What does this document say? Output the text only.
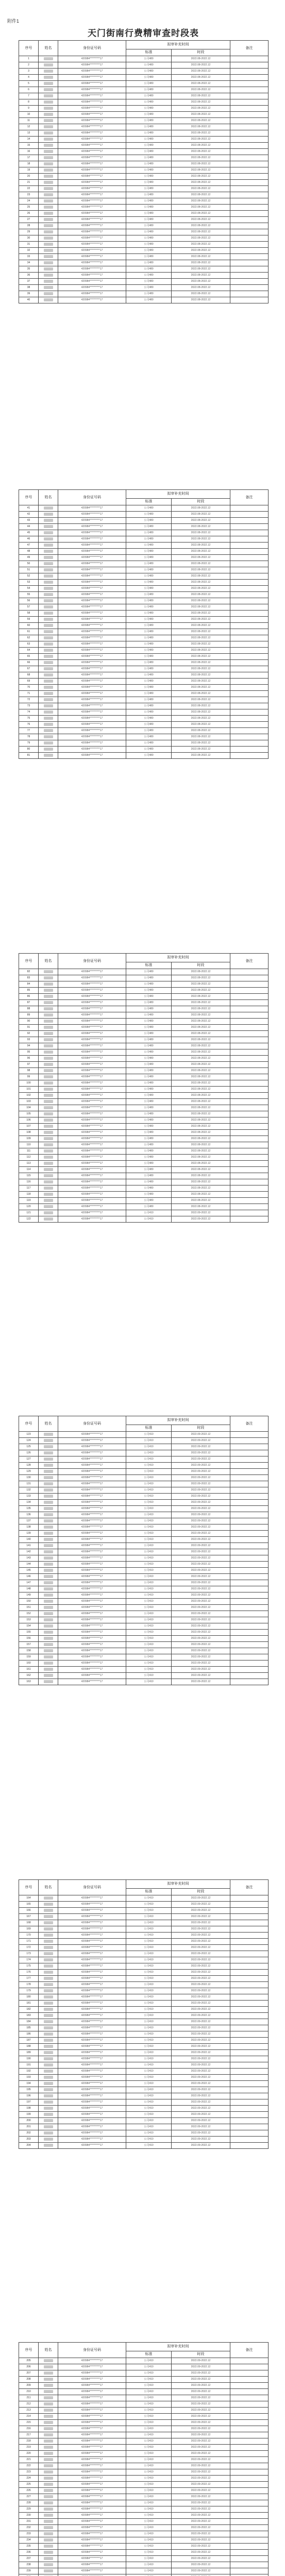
附件1
天门街南行费精审查时段表
序号	姓名	身份证号码	拟审补充时间		备注
			标准	时段	
1		420984**********17	公司480	2022.08-2022.12	
2		420984**********17	公司480	2022.08-2022.12	
3		420984**********17	公司480	2022.08-2022.12	
4		420984**********17	公司480	2022.08-2022.12	
5		420984**********17	公司480	2022.08-2022.12	
6		420984**********17	公司480	2022.08-2022.12	
7		420984**********17	公司480	2022.08-2022.12	
8		420984**********17	公司480	2022.08-2022.12	
9		420984**********17	公司480	2022.08-2022.12	
10		420984**********17	公司480	2022.08-2022.12	
11		420984**********17	公司480	2022.08-2022.12	
12		420984**********17	公司480	2022.08-2022.12	
13		420984**********17	公司480	2022.08-2022.12	
14		420984**********17	公司480	2022.08-2022.12	
15		420984**********17	公司480	2022.08-2022.12	
16		420984**********17	公司480	2022.08-2022.12	
17		420984**********17	公司480	2022.08-2022.12	
18		420984**********17	公司480	2022.08-2022.12	
19		420984**********17	公司480	2022.08-2022.12	
20		420984**********17	公司480	2022.08-2022.12	
21		420984**********17	公司480	2022.08-2022.12	
22		420984**********17	公司480	2022.08-2022.12	
23		420984**********17	公司480	2022.08-2022.12	
24		420984**********17	公司480	2022.08-2022.12	
25		420984**********17	公司480	2022.08-2022.12	
26		420984**********17	公司480	2022.08-2022.12	
27		420984**********17	公司480	2022.08-2022.12	
28		420984**********17	公司480	2022.08-2022.12	
29		420984**********17	公司480	2022.08-2022.12	
30		420984**********17	公司480	2022.08-2022.12	
31		420984**********17	公司480	2022.08-2022.12	
32		420984**********17	公司480	2022.08-2022.12	
33		420984**********17	公司480	2022.08-2022.12	
34		420984**********17	公司480	2022.08-2022.12	
35		420984**********17	公司480	2022.08-2022.12	
36		420984**********17	公司480	2022.08-2022.12	
37		420984**********17	公司480	2022.08-2022.12	
38		420984**********17	公司480	2022.08-2022.12	
39		420984**********17	公司480	2022.08-2022.12	
40		420984**********17	公司480	2022.08-2022.12	
序号	姓名	身份证号码	拟审补充时间		备注
			标准	时段	
41		420984**********17	公司480	2022.08-2022.12	
42		420984**********17	公司480	2022.08-2022.12	
43		420984**********17	公司480	2022.08-2022.12	
44		420984**********17	公司480	2022.08-2022.12	
45		420984**********17	公司480	2022.08-2022.12	
46		420984**********17	公司480	2022.08-2022.12	
47		420984**********17	公司480	2022.08-2022.12	
48		420984**********17	公司480	2022.08-2022.12	
49		420984**********17	公司480	2022.08-2022.12	
50		420984**********17	公司480	2022.08-2022.12	
51		420984**********17	公司480	2022.08-2022.12	
52		420984**********17	公司480	2022.08-2022.12	
53		420984**********17	公司480	2022.08-2022.12	
54		420984**********17	公司480	2022.08-2022.12	
55		420984**********17	公司480	2022.08-2022.12	
56		420984**********17	公司480	2022.08-2022.12	
57		420984**********17	公司480	2022.08-2022.12	
58		420984**********17	公司480	2022.08-2022.12	
59		420984**********17	公司480	2022.08-2022.12	
60		420984**********17	公司480	2022.08-2022.12	
61		420984**********17	公司480	2022.08-2022.12	
62		420984**********17	公司480	2022.08-2022.12	
63		420984**********17	公司480	2022.08-2022.12	
64		420984**********17	公司480	2022.08-2022.12	
65		420984**********17	公司480	2022.08-2022.12	
66		420984**********17	公司480	2022.08-2022.12	
67		420984**********17	公司480	2022.08-2022.12	
68		420984**********17	公司480	2022.08-2022.12	
69		420984**********17	公司480	2022.08-2022.12	
70		420984**********17	公司480	2022.08-2022.12	
71		420984**********17	公司480	2022.08-2022.12	
72		420984**********17	公司480	2022.08-2022.12	
73		420984**********17	公司480	2022.08-2022.12	
74		420984**********17	公司480	2022.08-2022.12	
75		420984**********17	公司480	2022.08-2022.12	
76		420984**********17	公司480	2022.08-2022.12	
77		420984**********17	公司480	2022.08-2022.12	
78		420984**********17	公司480	2022.08-2022.12	
79		420984**********17	公司480	2022.08-2022.12	
80		420984**********17	公司480	2022.08-2022.12	
81		420984**********17	公司480	2022.08-2022.12	
序号	姓名	身份证号码	拟审补充时间		备注
			标准	时段	
82		420984**********17	公司480	2022.08-2022.12	
83		420984**********17	公司480	2022.08-2022.12	
84		420984**********17	公司480	2022.08-2022.12	
85		420984**********17	公司480	2022.08-2022.12	
86		420984**********17	公司480	2022.08-2022.12	
87		420984**********17	公司480	2022.08-2022.12	
88		420984**********17	公司480	2022.08-2022.12	
89		420984**********17	公司480	2022.08-2022.12	
90		420984**********17	公司480	2022.08-2022.12	
91		420984**********17	公司480	2022.08-2022.12	
92		420984**********17	公司480	2022.08-2022.12	
93		420984**********17	公司480	2022.08-2022.12	
94		420984**********17	公司480	2022.08-2022.12	
95		420984**********17	公司480	2022.08-2022.12	
96		420984**********17	公司480	2022.08-2022.12	
97		420984**********17	公司480	2022.08-2022.12	
98		420984**********17	公司480	2022.08-2022.12	
99		420984**********17	公司480	2022.08-2022.12	
100		420984**********17	公司480	2022.08-2022.12	
101		420984**********17	公司480	2022.08-2022.12	
102		420984**********17	公司480	2022.08-2022.12	
103		420984**********17	公司480	2022.08-2022.12	
104		420984**********17	公司480	2022.08-2022.12	
105		420984**********17	公司480	2022.08-2022.12	
106		420984**********17	公司480	2022.08-2022.12	
107		420984**********17	公司480	2022.08-2022.12	
108		420984**********17	公司480	2022.08-2022.12	
109		420984**********17	公司480	2022.08-2022.12	
110		420984**********17	公司480	2022.08-2022.12	
111		420984**********17	公司480	2022.08-2022.12	
112		420984**********17	公司480	2022.08-2022.12	
113		420984**********17	公司480	2022.08-2022.12	
114		420984**********17	公司480	2022.08-2022.12	
115		420984**********17	公司480	2022.08-2022.12	
116		420984**********17	公司480	2022.08-2022.12	
117		420984**********17	公司480	2022.08-2022.12	
118		420984**********17	公司480	2022.08-2022.12	
119		420984**********17	公司480	2022.08-2022.12	
120		420984**********17	公司480	2022.08-2022.12	
121		420984**********17	公司410	2022.09-2022.12	
122		420984**********17	公司410	2022.09-2022.12	
序号	姓名	身份证号码	拟审补充时间		备注
			标准	时段	
123		420984**********17	公司410	2022.09-2022.12	
124		420984**********17	公司410	2022.09-2022.12	
125		420984**********17	公司410	2022.09-2022.12	
126		420984**********17	公司410	2022.09-2022.12	
127		420984**********17	公司410	2022.09-2022.12	
128		420984**********17	公司410	2022.09-2022.12	
129		420984**********17	公司410	2022.09-2022.12	
130		420984**********17	公司410	2022.09-2022.12	
131		420984**********17	公司410	2022.09-2022.12	
132		420984**********17	公司410	2022.09-2022.12	
133		420984**********17	公司410	2022.09-2022.12	
134		420984**********17	公司410	2022.09-2022.12	
135		420984**********17	公司410	2022.09-2022.12	
136		420984**********17	公司410	2022.09-2022.12	
137		420984**********17	公司410	2022.09-2022.12	
138		420984**********17	公司410	2022.09-2022.12	
139		420984**********17	公司410	2022.09-2022.12	
140		420984**********17	公司410	2022.09-2022.12	
141		420984**********17	公司410	2022.09-2022.12	
142		420984**********17	公司410	2022.09-2022.12	
143		420984**********17	公司410	2022.09-2022.12	
144		420984**********17	公司410	2022.09-2022.12	
145		420984**********17	公司410	2022.09-2022.12	
146		420984**********17	公司410	2022.09-2022.12	
147		420984**********17	公司410	2022.09-2022.12	
148		420984**********17	公司410	2022.09-2022.12	
149		420984**********17	公司410	2022.09-2022.12	
150		420984**********17	公司410	2022.09-2022.12	
151		420984**********17	公司410	2022.09-2022.12	
152		420984**********17	公司410	2022.09-2022.12	
153		420984**********17	公司410	2022.09-2022.12	
154		420984**********17	公司410	2022.09-2022.12	
155		420984**********17	公司410	2022.09-2022.12	
156		420984**********17	公司410	2022.09-2022.12	
157		420984**********17	公司410	2022.09-2022.12	
158		420984**********17	公司410	2022.09-2022.12	
159		420984**********17	公司410	2022.09-2022.12	
160		420984**********17	公司410	2022.09-2022.12	
161		420984**********17	公司410	2022.09-2022.12	
162		420984**********17	公司410	2022.09-2022.12	
163		420984**********17	公司410	2022.09-2022.12	
序号	姓名	身份证号码	拟审补充时间		备注
			标准	时段	
164		420984**********17	公司410	2022.09-2022.12	
165		420984**********17	公司410	2022.09-2022.12	
166		420984**********17	公司410	2022.09-2022.12	
167		420984**********17	公司410	2022.09-2022.12	
168		420984**********17	公司410	2022.09-2022.12	
169		420984**********17	公司410	2022.09-2022.12	
170		420984**********17	公司410	2022.09-2022.12	
171		420984**********17	公司410	2022.09-2022.12	
172		420984**********17	公司410	2022.09-2022.12	
173		420984**********17	公司410	2022.09-2022.12	
174		420984**********17	公司410	2022.09-2022.12	
175		420984**********17	公司410	2022.09-2022.12	
176		420984**********17	公司410	2022.09-2022.12	
177		420984**********17	公司410	2022.09-2022.12	
178		420984**********17	公司410	2022.09-2022.12	
179		420984**********17	公司410	2022.09-2022.12	
180		420984**********17	公司410	2022.09-2022.12	
181		420984**********17	公司410	2022.09-2022.12	
182		420984**********17	公司410	2022.09-2022.12	
183		420984**********17	公司410	2022.09-2022.12	
184		420984**********17	公司410	2022.09-2022.12	
185		420984**********17	公司410	2022.09-2022.12	
186		420984**********17	公司410	2022.09-2022.12	
187		420984**********17	公司410	2022.09-2022.12	
188		420984**********17	公司410	2022.09-2022.12	
189		420984**********17	公司410	2022.09-2022.12	
190		420984**********17	公司410	2022.09-2022.12	
191		420984**********17	公司410	2022.09-2022.12	
192		420984**********17	公司410	2022.09-2022.12	
193		420984**********17	公司410	2022.09-2022.12	
194		420984**********17	公司410	2022.09-2022.12	
195		420984**********17	公司410	2022.09-2022.12	
196		420984**********17	公司410	2022.09-2022.12	
197		420984**********17	公司410	2022.09-2022.12	
198		420984**********17	公司410	2022.09-2022.12	
199		420984**********17	公司410	2022.09-2022.12	
200		420984**********17	公司410	2022.09-2022.12	
201		420984**********17	公司410	2022.09-2022.12	
202		420984**********17	公司410	2022.09-2022.12	
203		420984**********17	公司410	2022.09-2022.12	
204		420984**********17	公司410	2022.09-2022.12	
序号	姓名	身份证号码	拟审补充时间		备注
			标准	时段	
205		420984**********17	公司410	2022.09-2022.12	
206		420984**********17	公司410	2022.09-2022.12	
207		420984**********17	公司410	2022.09-2022.12	
208		420984**********17	公司410	2022.09-2022.12	
209		420984**********17	公司410	2022.09-2022.12	
210		420984**********17	公司410	2022.09-2022.12	
211		420984**********17	公司410	2022.09-2022.12	
212		420984**********17	公司410	2022.09-2022.12	
213		420984**********17	公司410	2022.09-2022.12	
214		420984**********17	公司410	2022.09-2022.12	
215		420984**********17	公司410	2022.09-2022.12	
216		420984**********17	公司410	2022.09-2022.12	
217		420984**********17	公司410	2022.09-2022.12	
218		420984**********17	公司410	2022.09-2022.12	
219		420984**********17	公司410	2022.09-2022.12	
220		420984**********17	公司410	2022.09-2022.12	
221		420984**********17	公司410	2022.09-2022.12	
222		420984**********17	公司410	2022.09-2022.12	
223		420984**********17	公司410	2022.09-2022.12	
224		420984**********17	公司410	2022.09-2022.12	
225		420984**********17	公司410	2022.09-2022.12	
226		420984**********17	公司410	2022.09-2022.12	
227		420984**********17	公司410	2022.09-2022.12	
228		420984**********17	公司410	2022.09-2022.12	
229		420984**********17	公司410	2022.09-2022.12	
230		420984**********17	公司410	2022.09-2022.12	
231		420984**********17	公司410	2022.09-2022.12	
232		420984**********17	公司410	2022.09-2022.12	
233		420984**********17	公司410	2022.09-2022.12	
234		420984**********17	公司410	2022.09-2022.12	
235		420984**********17	公司410	2022.09-2022.12	
236		420984**********17	公司410	2022.09-2022.12	
237		420984**********17	公司410	2022.09-2022.12	
238		420984**********17	公司410	2022.09-2022.12	
239		420984**********17	公司410	2022.09-2022.12	
